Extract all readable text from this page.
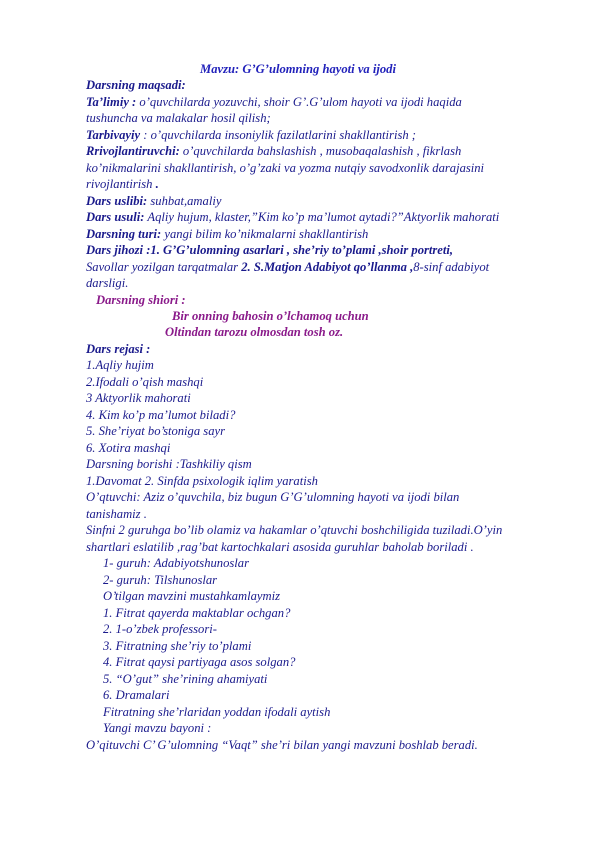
Mavzu: G’G’ulomning hayoti va ijodi
Darsning maqsadi:
Ta’limiy : o’quvchilarda yozuvchi, shoir G’.G’ulom hayoti va ijodi haqida
tushuncha va malakalar hosil qilish;
Tarbivayiy : o’quvchilarda insoniylik fazilatlarini shakllantirish ;
Rrivojlantiruvchi: o’quvchilarda bahslashish , musobaqalashish , fikrlash
ko’nikmalarini shakllantirish, o’g’zaki va yozma nutqiy savodxonlik darajasini
rivojlantirish .
Dars uslibi: suhbat,amaliy
Dars usuli: Aqliy hujum, klaster,”Kim ko’p ma’lumot aytadi?”Aktyorlik mahorati
Darsning turi: yangi bilim ko’nikmalarni shakllantirish
Dars jihozi :1. G’G’ulomning asarlari , she’riy to’plami ,shoir portreti,
Savollar yozilgan tarqatmalar 2. S.Matjon Adabiyot qo’llanma ,8-sinf adabiyot
darsligi.
Darsning shiori :
Bir onning bahosin o’lchamoq uchun
Oltindan tarozu olmosdan tosh oz.
Dars rejasi :
1.Aqliy hujim
2.Ifodali o’qish mashqi
3 Aktyorlik mahorati
4. Kim ko’p ma’lumot biladi?
5. She’riyat bo’stoniga sayr
6. Xotira mashqi
Darsning borishi :Tashkiliy qism
1.Davomat 2. Sinfda psixologik iqlim yaratish
O’qtuvchi: Aziz o’quvchila, biz bugun G’G’ulomning hayoti va ijodi bilan
tanishamiz .
Sinfni 2 guruhga bo’lib olamiz va hakamlar o’qtuvchi boshchiligida tuziladi.O’yin
shartlari eslatilib ,rag’bat kartochkalari asosida guruhlar baholab boriladi .
1- guruh: Adabiyotshunoslar
2- guruh: Tilshunoslar
O’tilgan mavzini mustahkamlaymiz
1. Fitrat qayerda maktablar ochgan?
2. 1-o’zbek professori-
3. Fitratning she’riy to’plami
4. Fitrat qaysi partiyaga asos solgan?
5. “O’gut” she’rining ahamiyati
6. Dramalari
Fitratning she’rlaridan yoddan ifodali aytish
Yangi mavzu bayoni :
O’qituvchi C’ G’ulomning “Vaqt” she’ri bilan yangi mavzuni boshlab beradi.
